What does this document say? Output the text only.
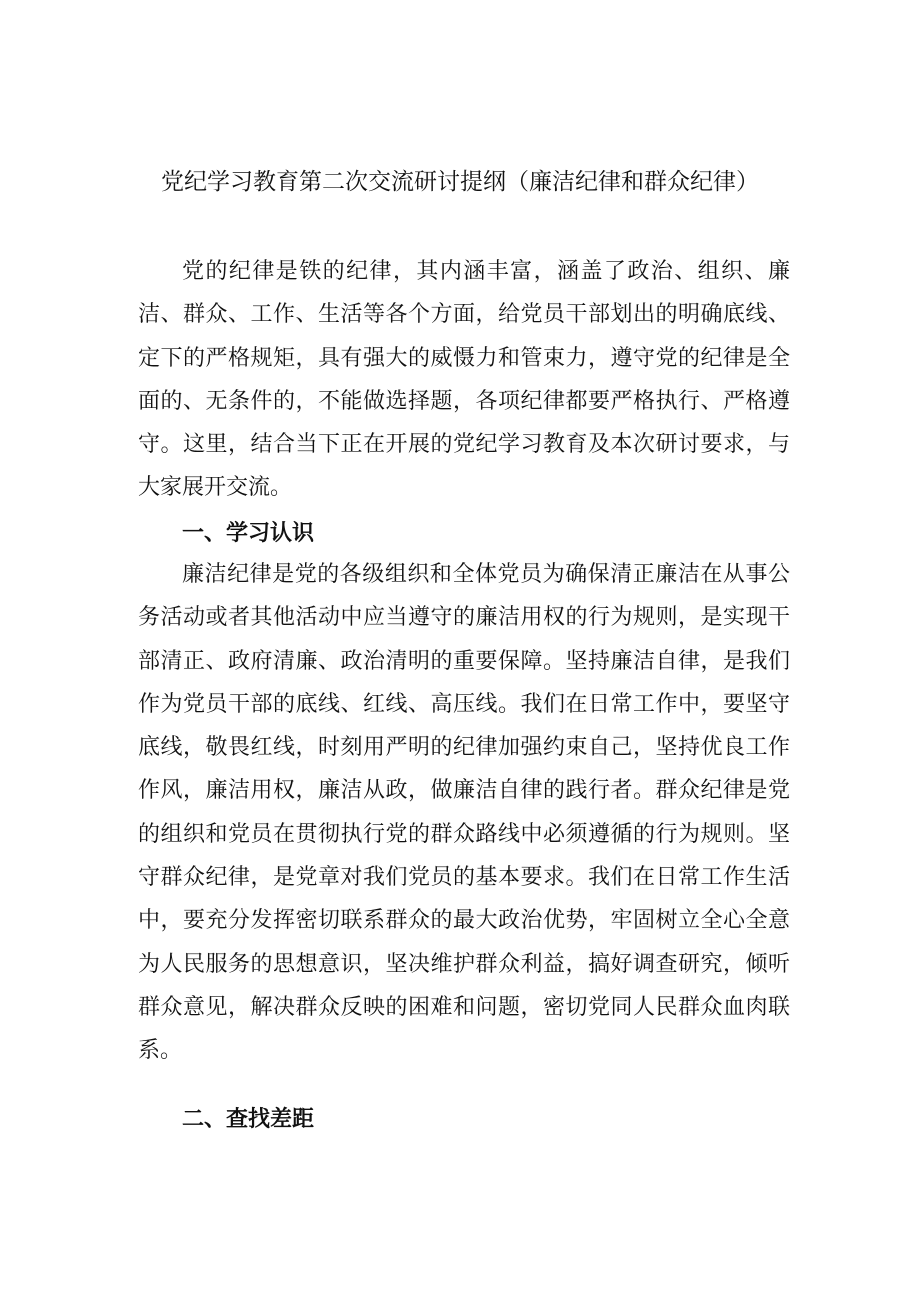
党纪学习教育第二次交流研讨提纲（廉洁纪律和群众纪律）

党的纪律是铁的纪律，其内涵丰富，涵盖了政治、组织、廉洁、群众、工作、生活等各个方面，给党员干部划出的明确底线、定下的严格规矩，具有强大的威慑力和管束力，遵守党的纪律是全面的、无条件的，不能做选择题，各项纪律都要严格执行、严格遵守。这里，结合当下正在开展的党纪学习教育及本次研讨要求，与大家展开交流。

一、学习认识

廉洁纪律是党的各级组织和全体党员为确保清正廉洁在从事公务活动或者其他活动中应当遵守的廉洁用权的行为规则，是实现干部清正、政府清廉、政治清明的重要保障。坚持廉洁自律，是我们作为党员干部的底线、红线、高压线。我们在日常工作中，要坚守底线，敬畏红线，时刻用严明的纪律加强约束自己，坚持优良工作作风，廉洁用权，廉洁从政，做廉洁自律的践行者。群众纪律是党的组织和党员在贯彻执行党的群众路线中必须遵循的行为规则。坚守群众纪律，是党章对我们党员的基本要求。我们在日常工作生活中，要充分发挥密切联系群众的最大政治优势，牢固树立全心全意为人民服务的思想意识，坚决维护群众利益，搞好调查研究，倾听群众意见，解决群众反映的困难和问题，密切党同人民群众血肉联系。

二、查找差距
